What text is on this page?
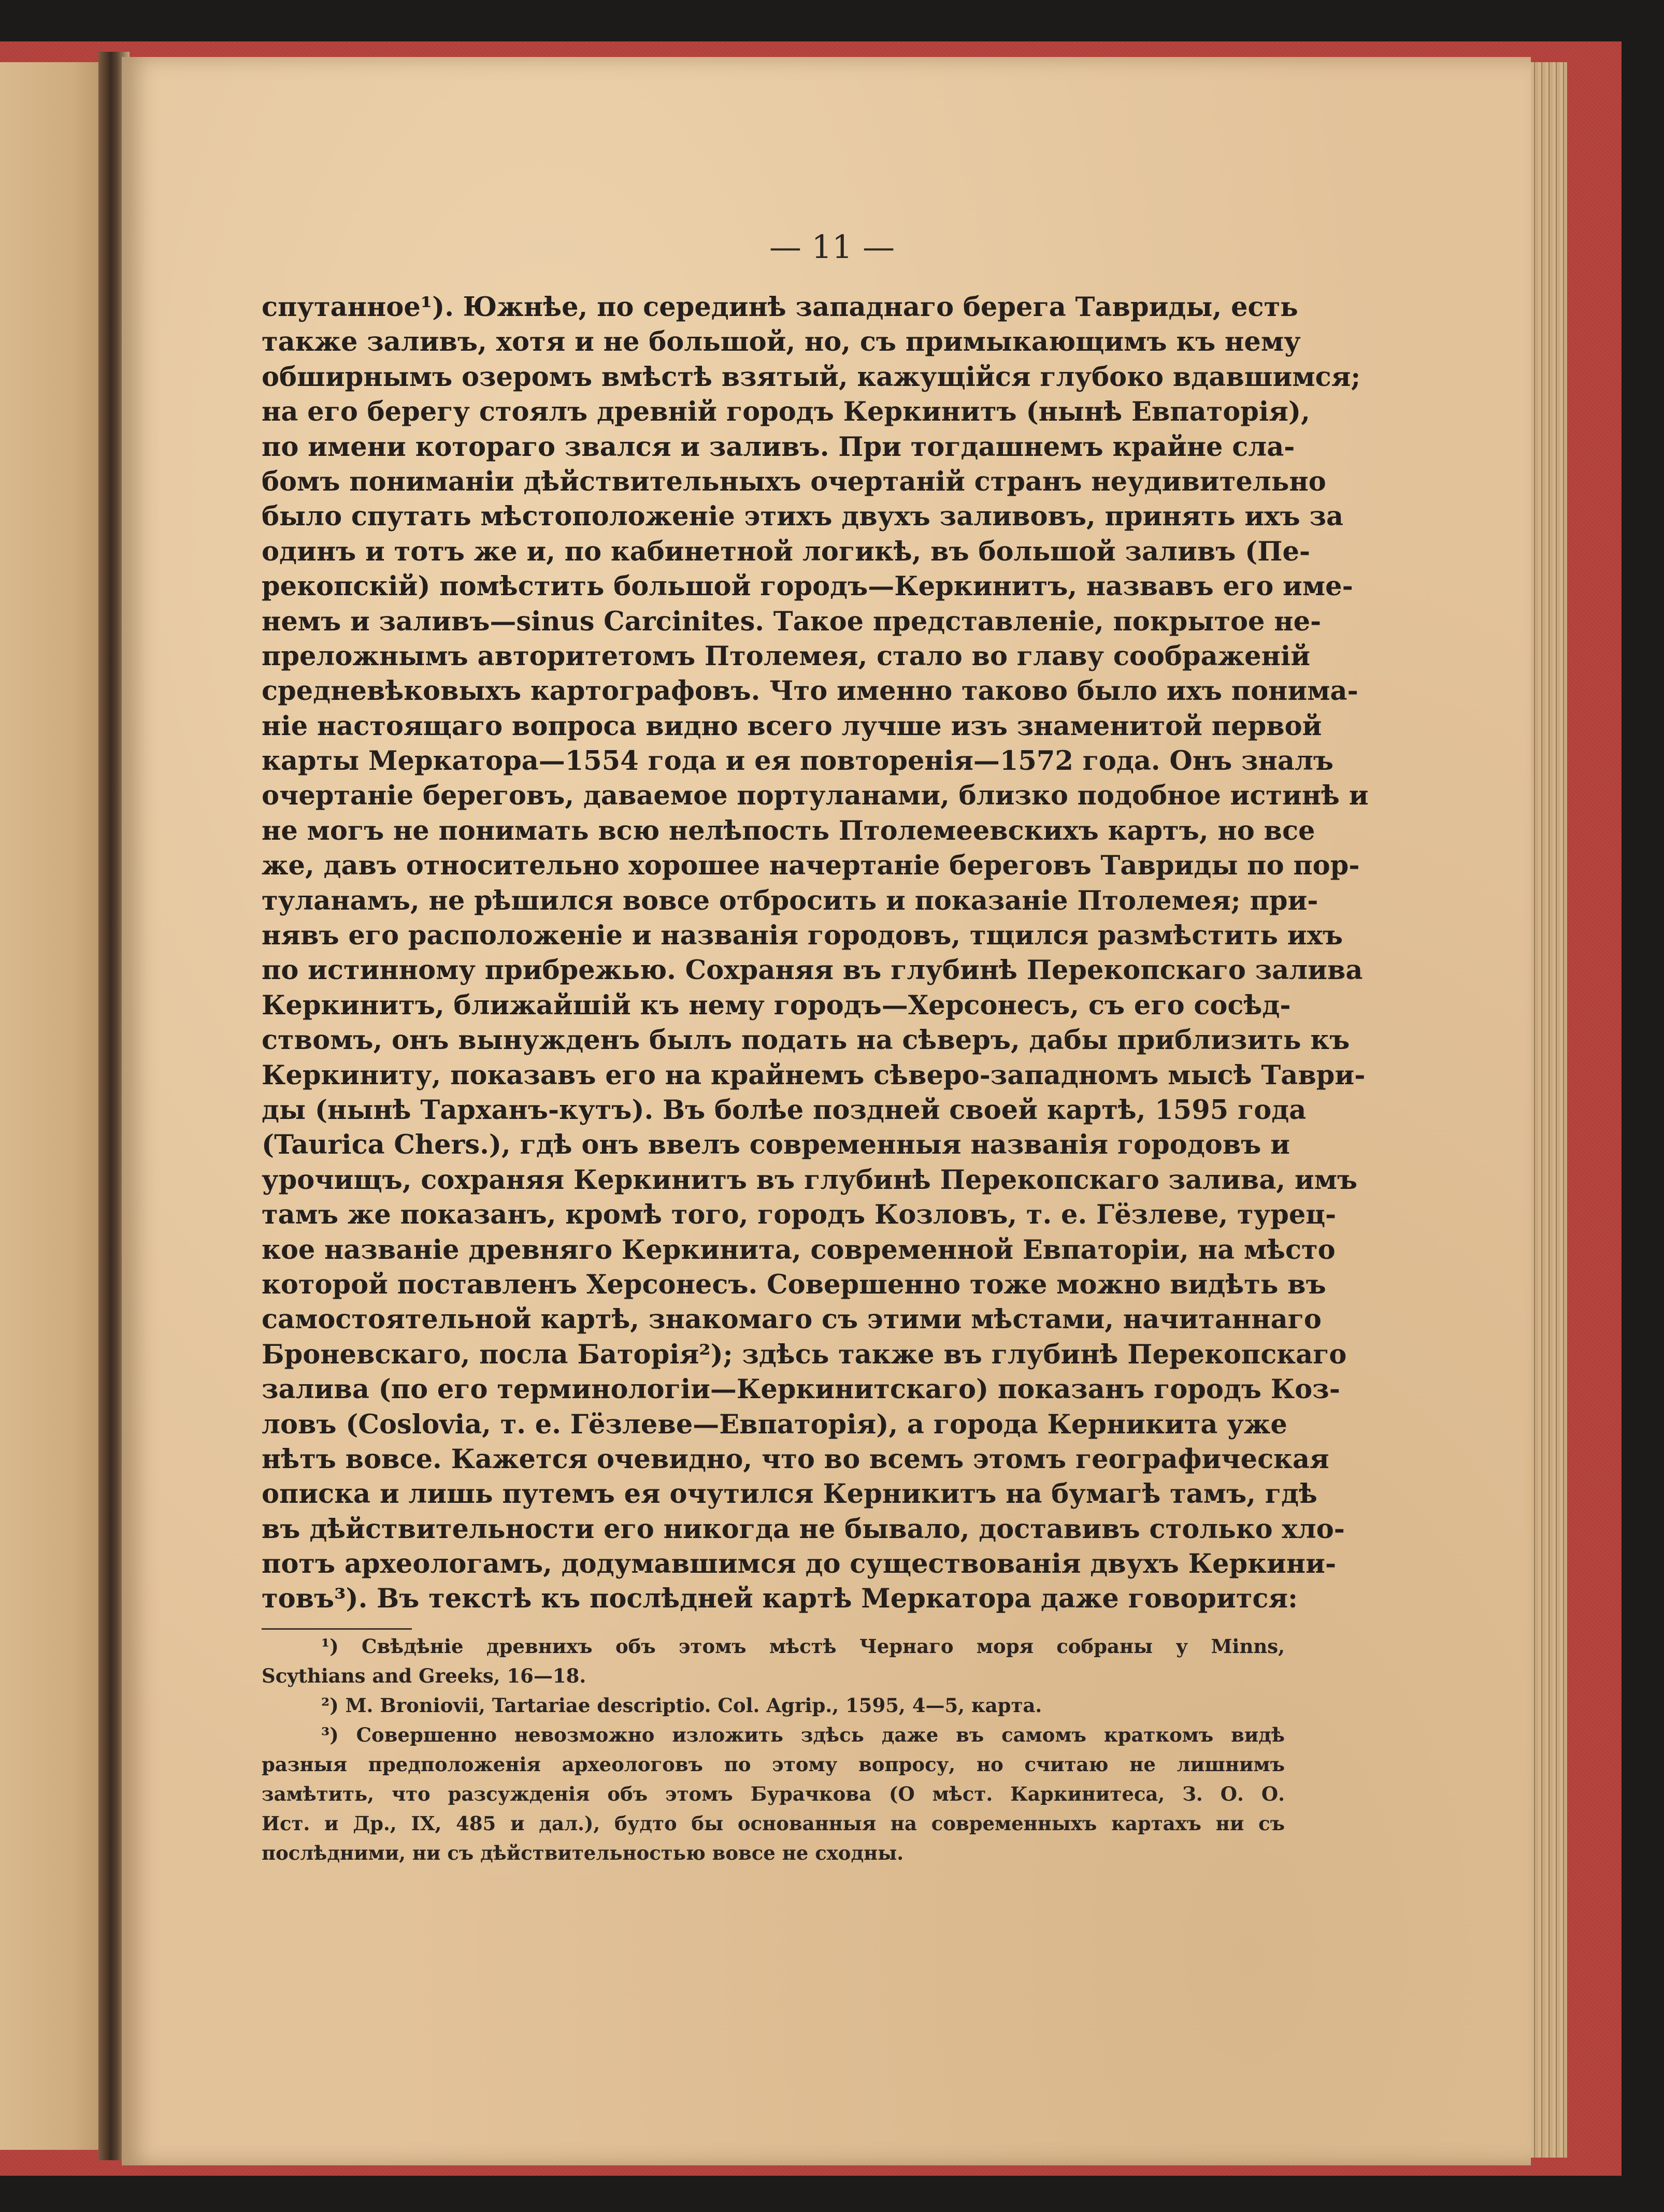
— 11 —
спутанное¹). Южнѣе, по серединѣ западнаго берега Тавриды, есть
также заливъ, хотя и не большой, но, съ примыкающимъ къ нему
обширнымъ озеромъ вмѣстѣ взятый, кажущійся глубоко вдавшимся;
на его берегу стоялъ древній городъ Керкинитъ (нынѣ Евпаторія),
по имени котораго звался и заливъ. При тогдашнемъ крайне сла-
бомъ пониманіи дѣйствительныхъ очертаній странъ неудивительно
было спутать мѣстоположеніе этихъ двухъ заливовъ, принять ихъ за
одинъ и тотъ же и, по кабинетной логикѣ, въ большой заливъ (Пе-
рекопскій) помѣстить большой городъ—Керкинитъ, назвавъ его име-
немъ и заливъ—sinus Carcinites. Такое представленіе, покрытое не-
преложнымъ авторитетомъ Птолемея, стало во главу соображеній
средневѣковыхъ картографовъ. Что именно таково было ихъ понима-
ніе настоящаго вопроса видно всего лучше изъ знаменитой первой
карты Меркатора—1554 года и ея повторенія—1572 года. Онъ зналъ
очертаніе береговъ, даваемое портуланами, близко подобное истинѣ и
не могъ не понимать всю нелѣпость Птолемеевскихъ картъ, но все
же, давъ относительно хорошее начертаніе береговъ Тавриды по пор-
туланамъ, не рѣшился вовсе отбросить и показаніе Птолемея; при-
нявъ его расположеніе и названія городовъ, тщился размѣстить ихъ
по истинному прибрежью. Сохраняя въ глубинѣ Перекопскаго залива
Керкинитъ, ближайшій къ нему городъ—Херсонесъ, съ его сосѣд-
ствомъ, онъ вынужденъ былъ подать на сѣверъ, дабы приблизить къ
Керкиниту, показавъ его на крайнемъ сѣверо-западномъ мысѣ Таври-
ды (нынѣ Тарханъ-кутъ). Въ болѣе поздней своей картѣ, 1595 года
(Taurica Chers.), гдѣ онъ ввелъ современныя названія городовъ и
урочищъ, сохраняя Керкинитъ въ глубинѣ Перекопскаго залива, имъ
тамъ же показанъ, кромѣ того, городъ Козловъ, т. е. Гёзлеве, турец-
кое названіе древняго Керкинита, современной Евпаторіи, на мѣсто
которой поставленъ Херсонесъ. Совершенно тоже можно видѣть въ
самостоятельной картѣ, знакомаго съ этими мѣстами, начитаннаго
Броневскаго, посла Баторія²); здѣсь также въ глубинѣ Перекопскаго
залива (по его терминологіи—Керкинитскаго) показанъ городъ Коз-
ловъ (Coslovia, т. е. Гёзлеве—Евпаторія), а города Керникита уже
нѣтъ вовсе. Кажется очевидно, что во всемъ этомъ географическая
описка и лишь путемъ ея очутился Керникитъ на бумагѣ тамъ, гдѣ
въ дѣйствительности его никогда не бывало, доставивъ столько хло-
потъ археологамъ, додумавшимся до существованія двухъ Керкини-
товъ³). Въ текстѣ къ послѣдней картѣ Меркатора даже говорится:
¹) Свѣдѣніе древнихъ объ этомъ мѣстѣ Чернаго моря собраны у Minns,
Scythians and Greeks, 16—18.
²) M. Broniovii, Tartariae descriptio. Col. Agrip., 1595, 4—5, карта.
³) Совершенно невозможно изложить здѣсь даже въ самомъ краткомъ видѣ
разныя предположенія археологовъ по этому вопросу, но считаю не лишнимъ
замѣтить, что разсужденія объ этомъ Бурачкова (О мѣст. Каркинитеса, З. О. О.
Ист. и Др., IX, 485 и дал.), будто бы основанныя на современныхъ картахъ ни съ
послѣдними, ни съ дѣйствительностью вовсе не сходны.
